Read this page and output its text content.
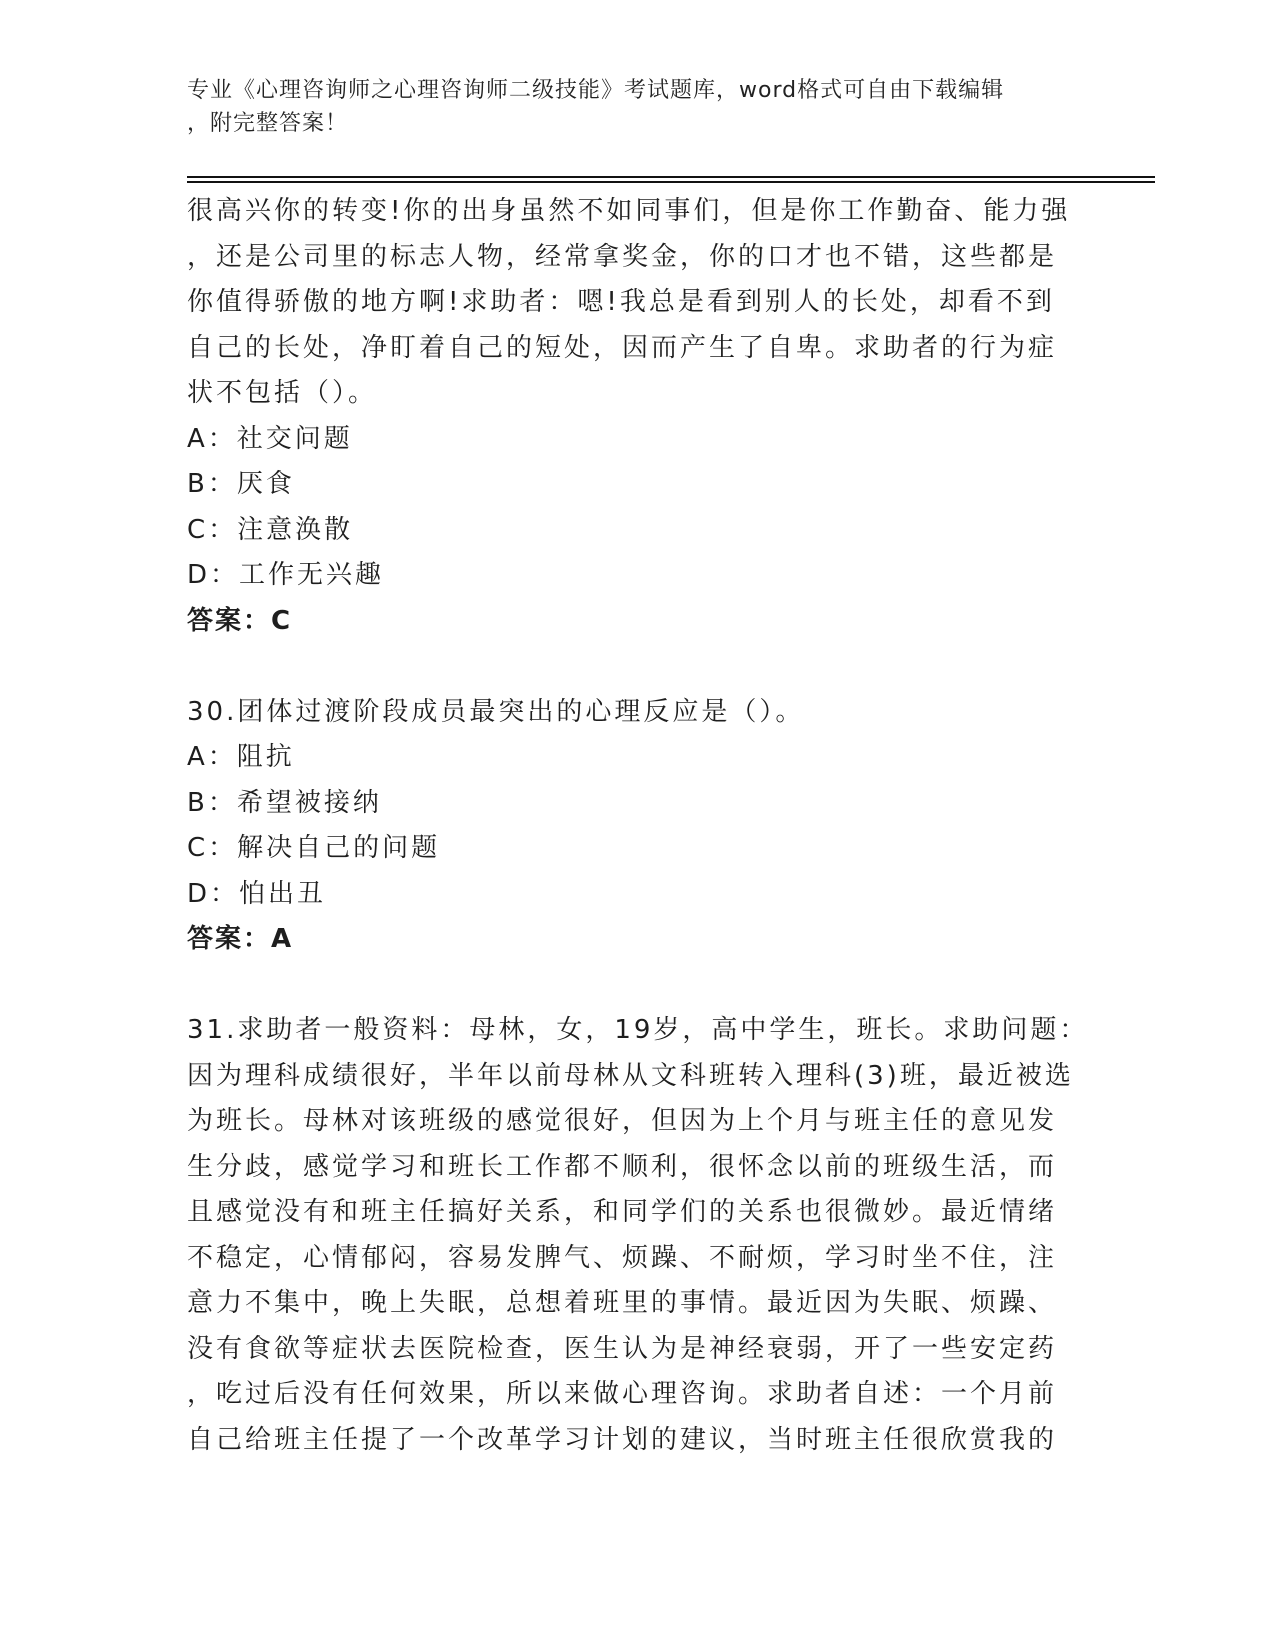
专业《心理咨询师之心理咨询师二级技能》考试题库，word格式可自由下载编辑
，附完整答案！
很高兴你的转变!你的出身虽然不如同事们，但是你工作勤奋、能力强
，还是公司里的标志人物，经常拿奖金，你的口才也不错，这些都是
你值得骄傲的地方啊!求助者：嗯!我总是看到别人的长处，却看不到
自己的长处，净盯着自己的短处，因而产生了自卑。求助者的行为症
状不包括（）。
A：社交问题
B：厌食
C：注意涣散
D：工作无兴趣
答案：C
30.团体过渡阶段成员最突出的心理反应是（）。
A：阻抗
B：希望被接纳
C：解决自己的问题
D：怕出丑
答案：A
31.求助者一般资料：母林，女，19岁，高中学生，班长。求助问题：
因为理科成绩很好，半年以前母林从文科班转入理科(3)班，最近被选
为班长。母林对该班级的感觉很好，但因为上个月与班主任的意见发
生分歧，感觉学习和班长工作都不顺利，很怀念以前的班级生活，而
且感觉没有和班主任搞好关系，和同学们的关系也很微妙。最近情绪
不稳定，心情郁闷，容易发脾气、烦躁、不耐烦，学习时坐不住，注
意力不集中，晚上失眠，总想着班里的事情。最近因为失眠、烦躁、
没有食欲等症状去医院检查，医生认为是神经衰弱，开了一些安定药
，吃过后没有任何效果，所以来做心理咨询。求助者自述：一个月前
自己给班主任提了一个改革学习计划的建议，当时班主任很欣赏我的
